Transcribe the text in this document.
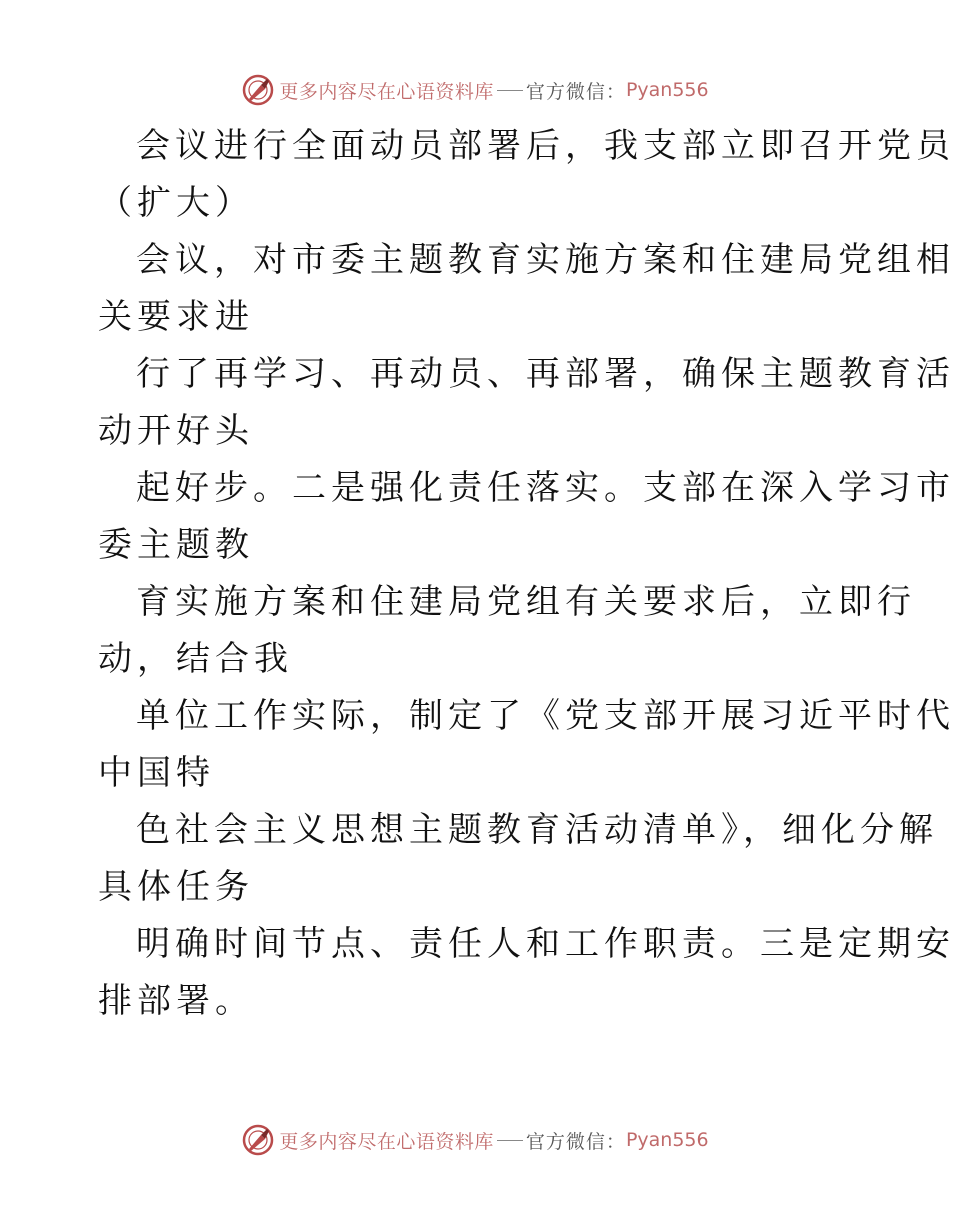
更多内容尽在心语资料库 官方微信： Pyan556
会议进行全面动员部署后，我支部立即召开党员
（扩大）
会议，对市委主题教育实施方案和住建局党组相
关要求进
行了再学习、再动员、再部署，确保主题教育活
动开好头
起好步。二是强化责任落实。支部在深入学习市
委主题教
育实施方案和住建局党组有关要求后，立即行
动，结合我
单位工作实际，制定了《党支部开展习近平时代
中国特
色社会主义思想主题教育活动清单》，细化分解
具体任务
明确时间节点、责任人和工作职责。三是定期安
排部署。
更多内容尽在心语资料库 官方微信： Pyan556
